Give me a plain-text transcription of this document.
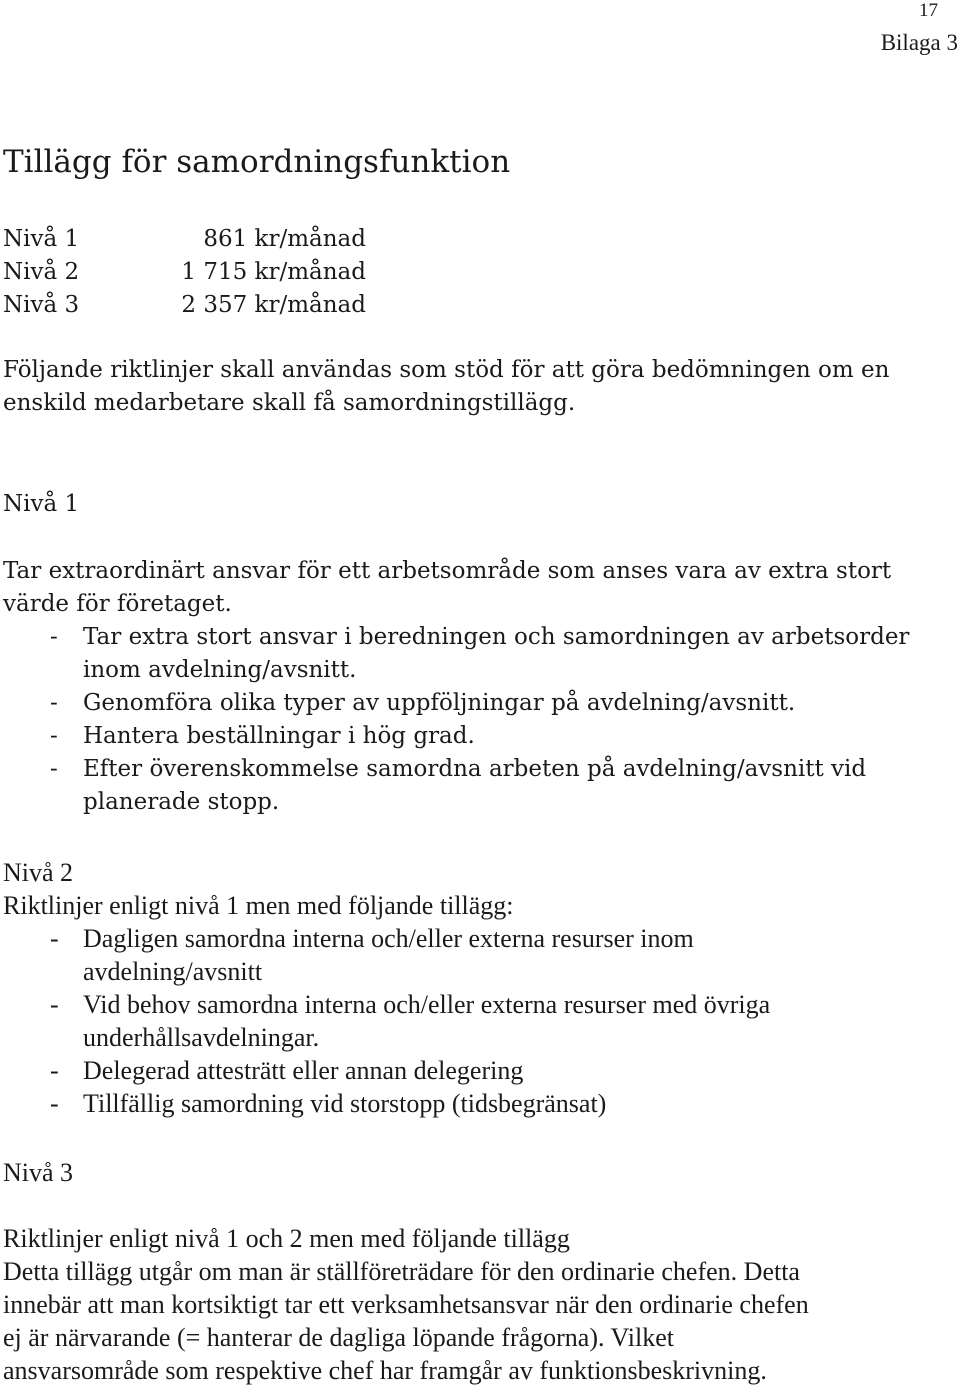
17
Bilaga 3
Tillägg för samordningsfunktion
Nivå 1	861 kr/månad
Nivå 2	1 715 kr/månad
Nivå 3	2 357 kr/månad
Följande riktlinjer skall användas som stöd för att göra bedömningen om en
enskild medarbetare skall få samordningstillägg.
Nivå 1
Tar extraordinärt ansvar för ett arbetsområde som anses vara av extra stort
värde för företaget.
-	Tar extra stort ansvar i beredningen och samordningen av arbetsorder
inom avdelning/avsnitt.
-	Genomföra olika typer av uppföljningar på avdelning/avsnitt.
-	Hantera beställningar i hög grad.
-	Efter överenskommelse samordna arbeten på avdelning/avsnitt vid
planerade stopp.
Nivå 2
Riktlinjer enligt nivå 1 men med följande tillägg:
- Dagligen samordna interna och/eller externa resurser inom
avdelning/avsnitt
- Vid behov samordna interna och/eller externa resurser med övriga
underhållsavdelningar.
- Delegerad attesträtt eller annan delegering
- Tillfällig samordning vid storstopp (tidsbegränsat)
Nivå 3
Riktlinjer enligt nivå 1 och 2 men med följande tillägg
Detta tillägg utgår om man är ställföreträdare för den ordinarie chefen. Detta
innebär att man kortsiktigt tar ett verksamhetsansvar när den ordinarie chefen
ej är närvarande (= hanterar de dagliga löpande frågorna). Vilket
ansvarsområde som respektive chef har framgår av funktionsbeskrivning.
